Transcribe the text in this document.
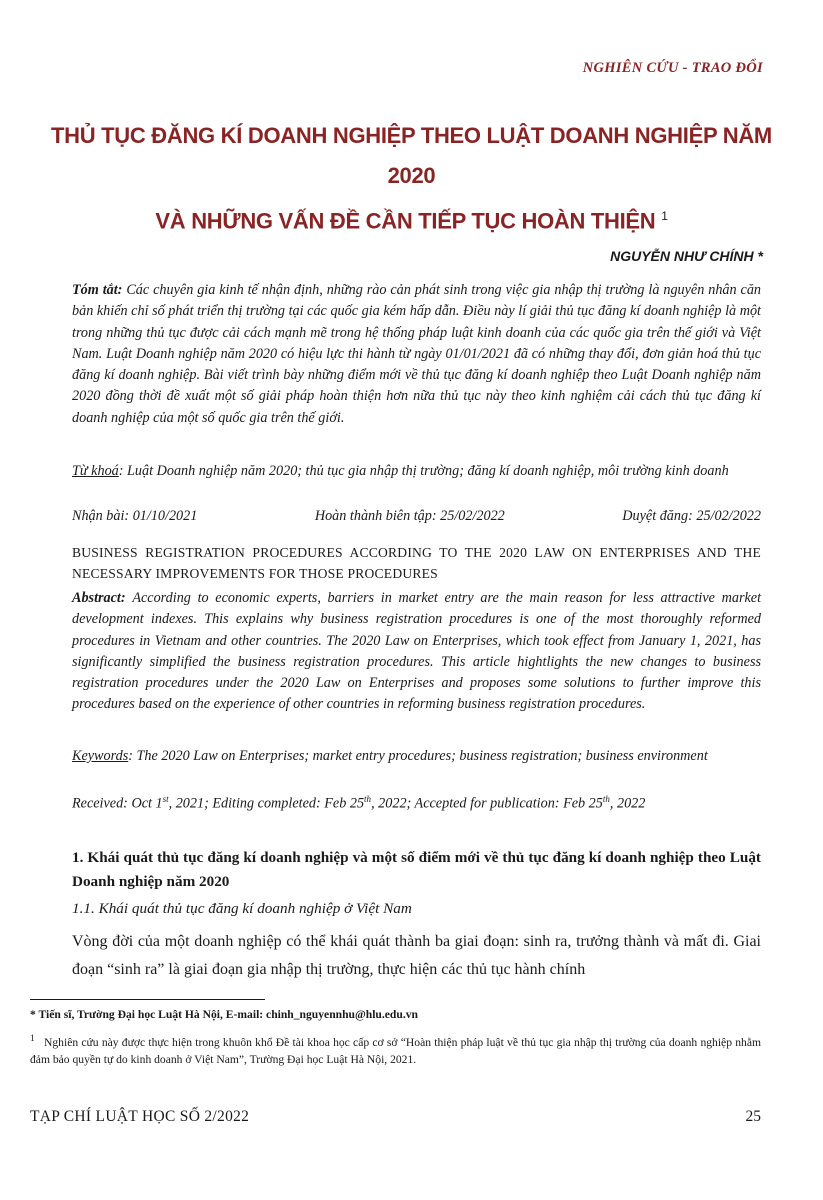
NGHIÊN CỨU - TRAO ĐỔI
THỦ TỤC ĐĂNG KÍ DOANH NGHIỆP THEO LUẬT DOANH NGHIỆP NĂM 2020
VÀ NHỮNG VẤN ĐỀ CẦN TIẾP TỤC HOÀN THIỆN $^1$
NGUYỄN NHƯ CHÍNH *
Tóm tắt: Các chuyên gia kinh tế nhận định, những rào cản phát sinh trong việc gia nhập thị trường là nguyên nhân căn bản khiến chỉ số phát triển thị trường tại các quốc gia kém hấp dẫn. Điều này lí giải thủ tục đăng kí doanh nghiệp là một trong những thủ tục được cải cách mạnh mẽ trong hệ thống pháp luật kinh doanh của các quốc gia trên thế giới và Việt Nam. Luật Doanh nghiệp năm 2020 có hiệu lực thi hành từ ngày 01/01/2021 đã có những thay đổi, đơn giản hoá thủ tục đăng kí doanh nghiệp. Bài viết trình bày những điểm mới về thủ tục đăng kí doanh nghiệp theo Luật Doanh nghiệp năm 2020 đồng thời đề xuất một số giải pháp hoàn thiện hơn nữa thủ tục này theo kinh nghiệm cải cách thủ tục đăng kí doanh nghiệp của một số quốc gia trên thế giới.
Từ khoá: Luật Doanh nghiệp năm 2020; thủ tục gia nhập thị trường; đăng kí doanh nghiệp, môi trường kinh doanh
Nhận bài: 01/10/2021	Hoàn thành biên tập: 25/02/2022	Duyệt đăng: 25/02/2022
BUSINESS REGISTRATION PROCEDURES ACCORDING TO THE 2020 LAW ON ENTERPRISES AND THE NECESSARY IMPROVEMENTS FOR THOSE PROCEDURES
Abstract: According to economic experts, barriers in market entry are the main reason for less attractive market development indexes. This explains why business registration procedures is one of the most thoroughly reformed procedures in Vietnam and other countries. The 2020 Law on Enterprises, which took effect from January 1, 2021, has significantly simplified the business registration procedures. This article hightlights the new changes to business registration procedures under the 2020 Law on Enterprises and proposes some solutions to further improve this procedures based on the experience of other countries in reforming business registration procedures.
Keywords: The 2020 Law on Enterprises; market entry procedures; business registration; business environment
Received: Oct 1st, 2021; Editing completed: Feb 25th, 2022; Accepted for publication: Feb 25th, 2022
1. Khái quát thủ tục đăng kí doanh nghiệp và một số điểm mới về thủ tục đăng kí doanh nghiệp theo Luật Doanh nghiệp năm 2020
1.1. Khái quát thủ tục đăng kí doanh nghiệp ở Việt Nam
Vòng đời của một doanh nghiệp có thể khái quát thành ba giai đoạn: sinh ra, trưởng thành và mất đi. Giai đoạn “sinh ra” là giai đoạn gia nhập thị trường, thực hiện các thủ tục hành chính
* Tiến sĩ, Trường Đại học Luật Hà Nội, E-mail: chinh_nguyennhu@hlu.edu.vn
$^1$ Nghiên cứu này được thực hiện trong khuôn khổ Đề tài khoa học cấp cơ sở “Hoàn thiện pháp luật về thủ tục gia nhập thị trường của doanh nghiệp nhằm đảm bảo quyền tự do kinh doanh ở Việt Nam”, Trường Đại học Luật Hà Nội, 2021.
TẠP CHÍ LUẬT HỌC SỐ 2/2022	25
